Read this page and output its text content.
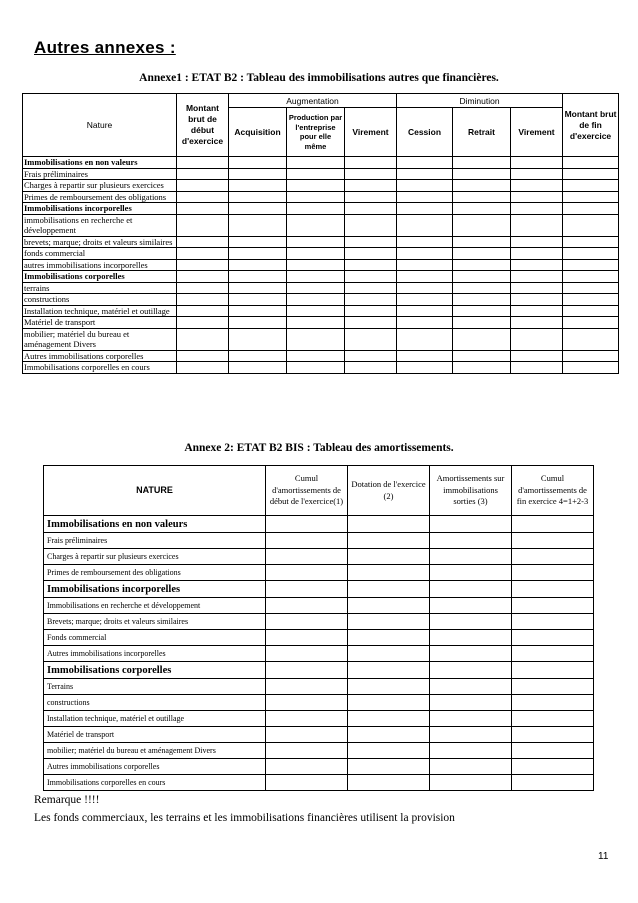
Autres annexes :
Annexe1 : ETAT B2 : Tableau des immobilisations autres que financières.
Nature	Montant brut de début d'exercice	Augmentation			Diminution			Montant brut de fin d'exercice
		Acquisition	Production par l'entreprise pour elle même	Virement	Cession	Retrait	Virement	
Immobilisations en non valeurs								
Frais préliminaires								
Charges à repartir sur plusieurs exercices								
Primes de remboursement des obligations								
Immobilisations incorporelles								
immobilisations en recherche et développement								
brevets; marque; droits et valeurs similaires								
fonds commercial								
autres immobilisations incorporelles								
Immobilisations corporelles								
terrains								
constructions								
Installation technique, matériel et outillage								
Matériel de transport								
mobilier; matériel du bureau et aménagement Divers								
Autres immobilisations corporelles								
Immobilisations corporelles en cours								
Annexe 2: ETAT B2 BIS : Tableau des amortissements.
NATURE	Cumul d'amortissements de début de l'exercice(1)	Dotation de l'exercice (2)	Amortissements sur immobilisations sorties (3)	Cumul d'amortissements de fin exercice 4=1+2-3
Immobilisations en non valeurs				
Frais préliminaires				
Charges à repartir sur plusieurs exercices				
Primes de remboursement des obligations				
Immobilisations incorporelles				
Immobilisations en recherche et développement				
Brevets; marque; droits et valeurs similaires				
Fonds commercial				
Autres immobilisations incorporelles				
Immobilisations corporelles				
Terrains				
constructions				
Installation technique, matériel et outillage				
Matériel de transport				
mobilier; matériel du bureau et aménagement Divers				
Autres immobilisations corporelles				
Immobilisations corporelles en cours				
Remarque !!!!
Les fonds commerciaux, les terrains et les immobilisations financières utilisent la provision
11
